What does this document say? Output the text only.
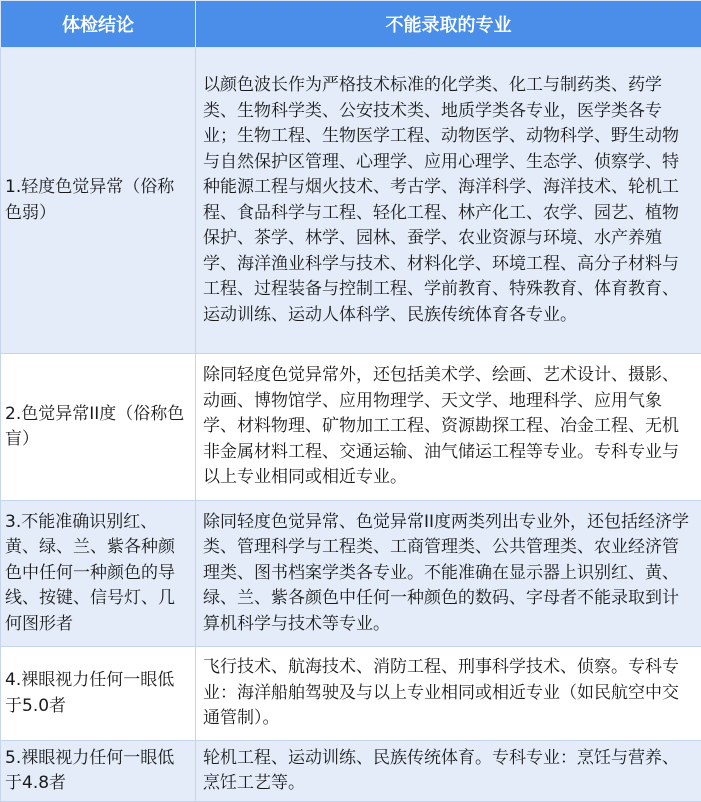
体检结论	不能录取的专业
1.轻度色觉异常（俗称色弱）	以颜色波长作为严格技术标准的化学类、化工与制药类、药学类、生物科学类、公安技术类、地质学类各专业，医学类各专业；生物工程、生物医学工程、动物医学、动物科学、野生动物与自然保护区管理、心理学、应用心理学、生态学、侦察学、特种能源工程与烟火技术、考古学、海洋科学、海洋技术、轮机工程、食品科学与工程、轻化工程、林产化工、农学、园艺、植物保护、茶学、林学、园林、蚕学、农业资源与环境、水产养殖学、海洋渔业科学与技术、材料化学、环境工程、高分子材料与工程、过程装备与控制工程、学前教育、特殊教育、体育教育、运动训练、运动人体科学、民族传统体育各专业。
2.色觉异常II度（俗称色盲）	除同轻度色觉异常外，还包括美术学、绘画、艺术设计、摄影、动画、博物馆学、应用物理学、天文学、地理科学、应用气象学、材料物理、矿物加工工程、资源勘探工程、冶金工程、无机非金属材料工程、交通运输、油气储运工程等专业。专科专业与以上专业相同或相近专业。
3.不能准确识别红、黄、绿、兰、紫各种颜色中任何一种颜色的导线、按键、信号灯、几何图形者	除同轻度色觉异常、色觉异常II度两类列出专业外，还包括经济学类、管理科学与工程类、工商管理类、公共管理类、农业经济管理类、图书档案学类各专业。不能准确在显示器上识别红、黄、绿、兰、紫各颜色中任何一种颜色的数码、字母者不能录取到计算机科学与技术等专业。
4.裸眼视力任何一眼低于5.0者	飞行技术、航海技术、消防工程、刑事科学技术、侦察。专科专业：海洋船舶驾驶及与以上专业相同或相近专业（如民航空中交通管制）。
5.裸眼视力任何一眼低于4.8者	轮机工程、运动训练、民族传统体育。专科专业：烹饪与营养、烹饪工艺等。
